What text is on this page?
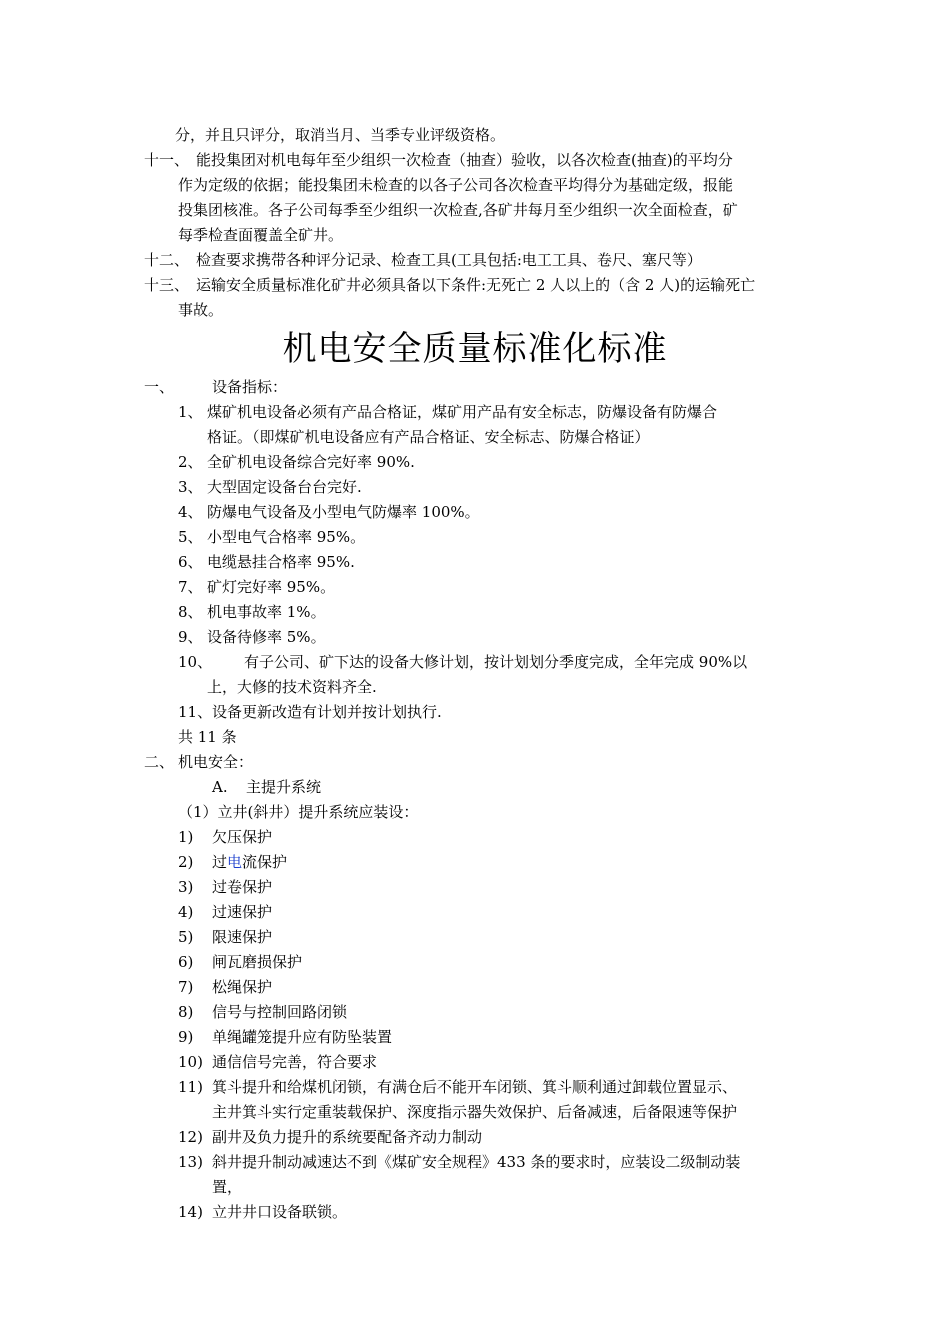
分，并且只评分，取消当月、当季专业评级资格。
十一、 能投集团对机电每年至少组织一次检查（抽查）验收，以各次检查(抽查)的平均分
作为定级的依据；能投集团未检查的以各子公司各次检查平均得分为基础定级，报能
投集团核准。各子公司每季至少组织一次检查,各矿井每月至少组织一次全面检查，矿
每季检查面覆盖全矿井。
十二、 检查要求携带各种评分记录、检查工具(工具包括:电工工具、卷尺、塞尺等）
十三、 运输安全质量标准化矿井必须具备以下条件:无死亡 2 人以上的（含 2 人)的运输死亡
事故。
机电安全质量标准化标准
一、	设备指标：
1、 煤矿机电设备必须有产品合格证，煤矿用产品有安全标志，防爆设备有防爆合
格证。（即煤矿机电设备应有产品合格证、安全标志、防爆合格证）
2、 全矿机电设备综合完好率 90%.
3、 大型固定设备台台完好.
4、 防爆电气设备及小型电气防爆率 100%。
5、 小型电气合格率 95%。
6、 电缆悬挂合格率 95%.
7、 矿灯完好率 95%。
8、 机电事故率 1%。
9、 设备待修率 5%。
10、 有子公司、矿下达的设备大修计划，按计划划分季度完成，全年完成 90%以
上，大修的技术资料齐全.
11、 设备更新改造有计划并按计划执行.
共 11 条
二、 机电安全：
A. 主提升系统
（1）立井(斜井）提升系统应装设：
1) 欠压保护
2) 过电流保护
3) 过卷保护
4) 过速保护
5) 限速保护
6) 闸瓦磨损保护
7) 松绳保护
8) 信号与控制回路闭锁
9) 单绳罐笼提升应有防坠装置
10) 通信信号完善，符合要求
11) 箕斗提升和给煤机闭锁，有满仓后不能开车闭锁、箕斗顺利通过卸载位置显示、
主井箕斗实行定重装载保护、深度指示器失效保护、后备减速，后备限速等保护
12) 副井及负力提升的系统要配备齐动力制动
13) 斜井提升制动减速达不到《煤矿安全规程》433 条的要求时，应装设二级制动装
置，
14) 立井井口设备联锁。
